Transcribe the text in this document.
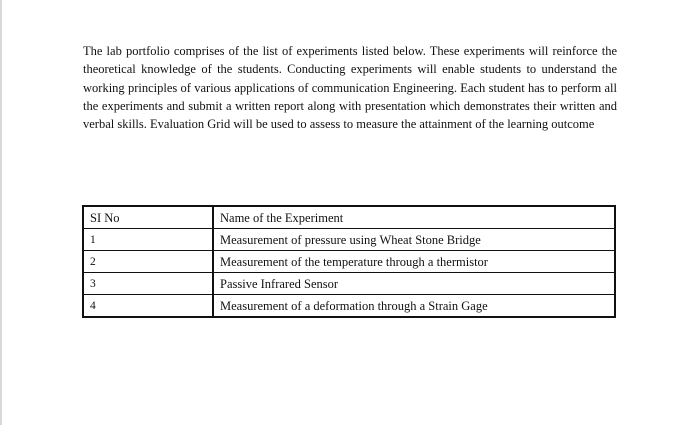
The lab portfolio comprises of the list of experiments listed below. These experiments will reinforce the theoretical knowledge of the students. Conducting experiments will enable students to understand the working principles of various applications of communication Engineering. Each student has to perform all the experiments and submit a written report along with presentation which demonstrates their written and verbal skills. Evaluation Grid will be used to assess to measure the attainment of the learning outcome

SI No	Name of the Experiment
1	Measurement of pressure using Wheat Stone Bridge
2	Measurement of the temperature through a thermistor
3	Passive Infrared Sensor
4	Measurement of a deformation through a Strain Gage
